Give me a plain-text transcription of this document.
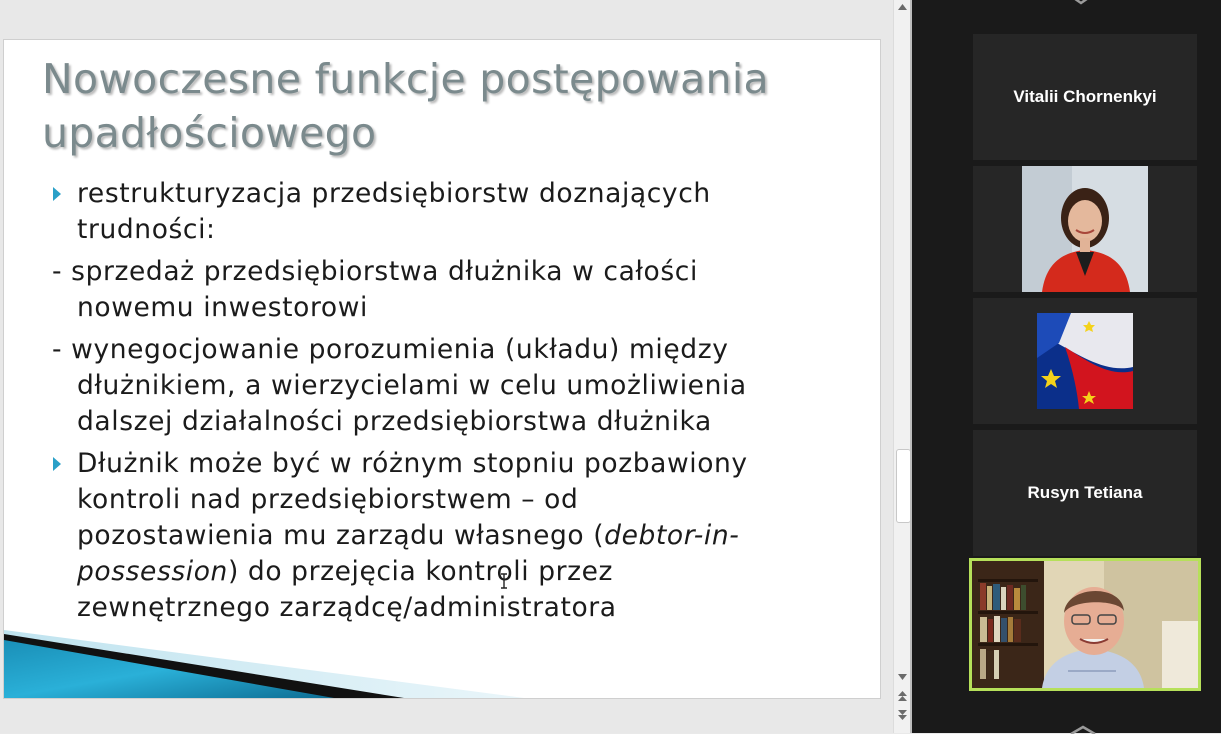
Nowoczesne funkcje postępowania
upadłościowego
restrukturyzacja przedsiębiorstw doznających
trudności:
- sprzedaż przedsiębiorstwa dłużnika w całości
nowemu inwestorowi
- wynegocjowanie porozumienia (układu) między
dłużnikiem, a wierzycielami w celu umożliwienia
dalszej działalności przedsiębiorstwa dłużnika
Dłużnik może być w różnym stopniu pozbawiony
kontroli nad przedsiębiorstwem – od
pozostawienia mu zarządu własnego (debtor-in-
possession) do przejęcia kontroli przez
zewnętrznego zarządcę/administratora
Vitalii Chornenkyi
Rusyn Tetiana
